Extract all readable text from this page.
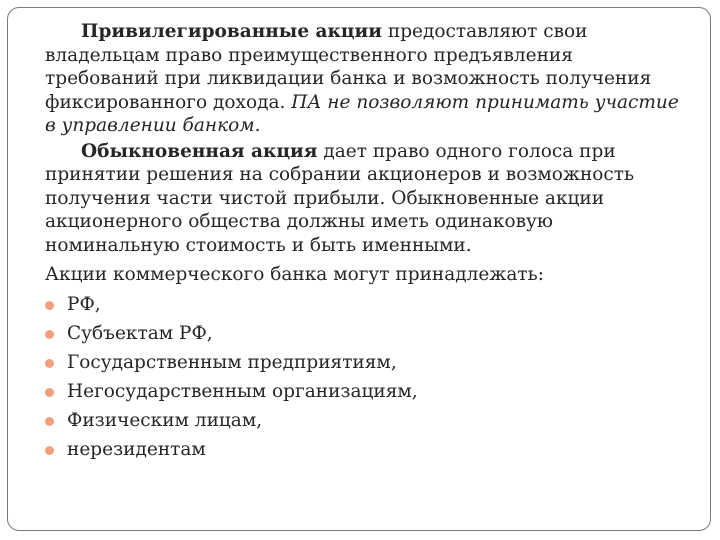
Привилегированные акции предоставляют свои владельцам право преимущественного предъявления требований при ликвидации банка и возможность получения фиксированного дохода. ПА не позволяют принимать участие в управлении банком.

Обыкновенная акция дает право одного голоса при принятии решения на собрании акционеров и возможность получения части чистой прибыли. Обыкновенные акции акционерного общества должны иметь одинаковую номинальную стоимость и быть именными.

Акции коммерческого банка могут принадлежать:

РФ,
Субъектам РФ,
Государственным предприятиям,
Негосударственным организациям,
Физическим лицам,
нерезидентам
